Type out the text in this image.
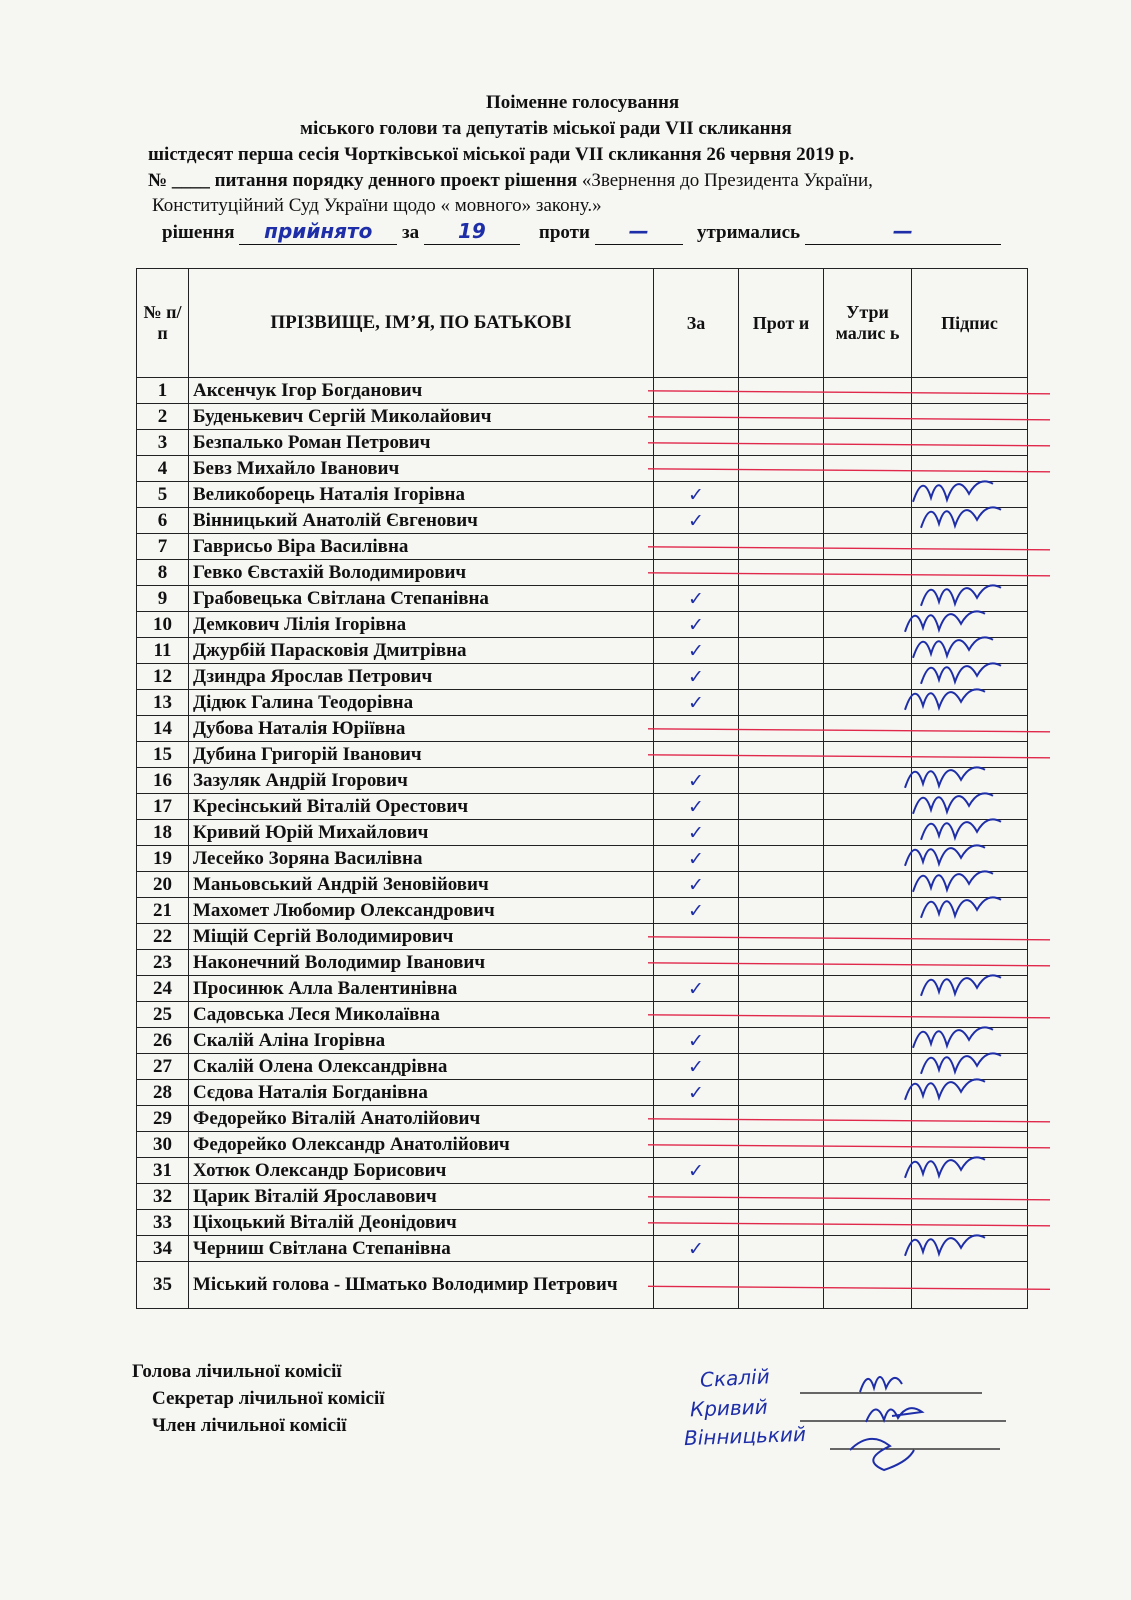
Поіменне голосування
міського голови та депутатів міської ради VII скликання
шістдесят перша сесія Чортківської міської ради VII скликання 26 червня 2019 р.
№ ____ питання порядку денного проект рішення «Звернення до Президента України,
Конституційний Суд України щодо « мовного» закону.»
рішення прийнято за 19	проти —	утримались	—
№ п/п	ПРІЗВИЩЕ, ІМ’Я, ПО БАТЬКОВІ	За	Прот и	Утри малис ь	Підпис
1	Аксенчук Ігор Богданович				
2	Буденькевич Сергій Миколайович				
3	Безпалько Роман Петрович				
4	Бевз Михайло Іванович				
5	Великоборець Наталія Ігорівна	✓			
6	Вінницький Анатолій Євгенович	✓			
7	Гаврисьо Віра Василівна				
8	Гевко Євстахій Володимирович				
9	Грабовецька Світлана Степанівна	✓			
10	Демкович Лілія Ігорівна	✓			
11	Джурбій Парасковія Дмитрівна	✓			
12	Дзиндра Ярослав Петрович	✓			
13	Дідюк Галина Теодорівна	✓			
14	Дубова Наталія Юріївна				
15	Дубина Григорій Іванович				
16	Зазуляк Андрій Ігорович	✓			
17	Кресінський Віталій Орестович	✓			
18	Кривий Юрій Михайлович	✓			
19	Лесейко Зоряна Василівна	✓			
20	Маньовський Андрій Зеновійович	✓			
21	Махомет Любомир Олександрович	✓			
22	Міщій Сергій Володимирович				
23	Наконечний Володимир Іванович				
24	Просинюк Алла Валентинівна	✓			
25	Садовська Леся Миколаївна				
26	Скалій Аліна Ігорівна	✓			
27	Скалій Олена Олександрівна	✓			
28	Сєдова Наталія Богданівна	✓			
29	Федорейко Віталій Анатолійович				
30	Федорейко Олександр Анатолійович				
31	Хотюк Олександр Борисович	✓			
32	Царик Віталій Ярославович				
33	Ціхоцький Віталій Деонідович				
34	Черниш Світлана Степанівна	✓			
35	Міський голова - Шматько Володимир Петрович				
Голова лічильної комісії
Секретар лічильної комісії
Член лічильної комісії
Скалій
Кривий
Вінницький
